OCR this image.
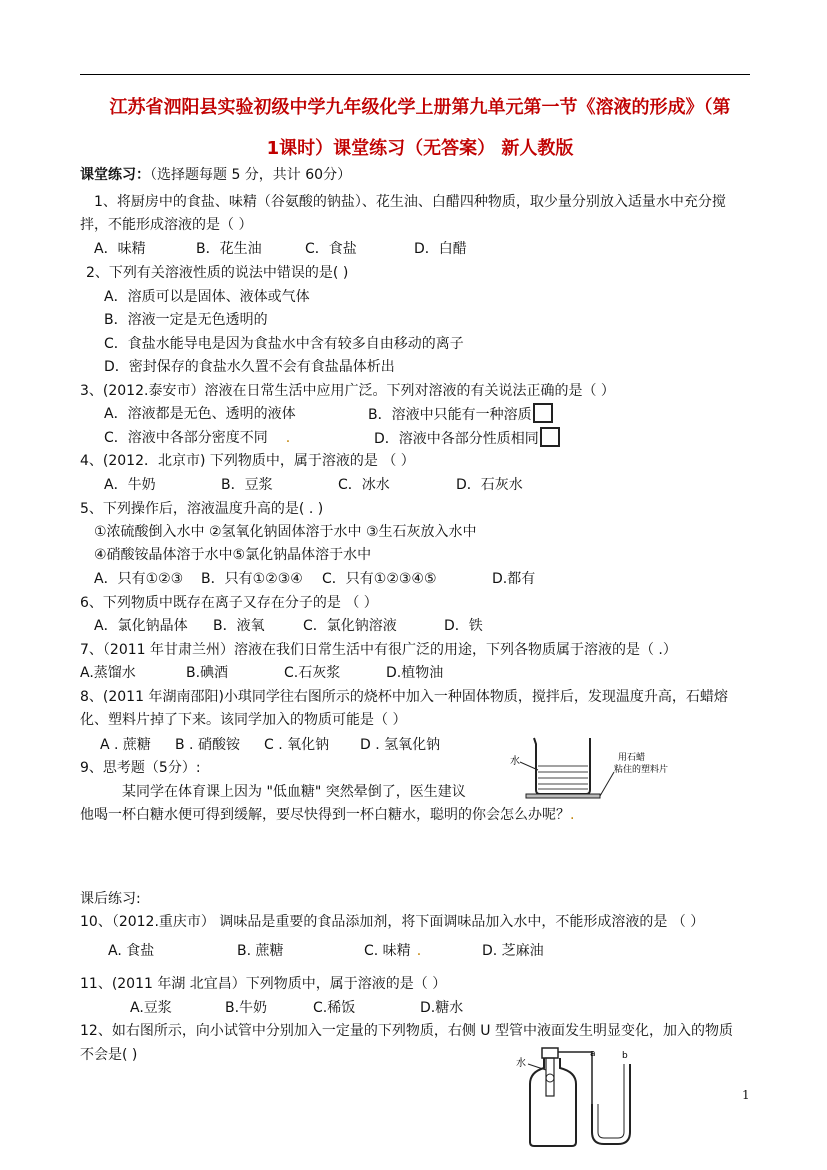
江苏省泗阳县实验初级中学九年级化学上册第九单元第一节《溶液的形成》（第
1课时）课堂练习（无答案） 新人教版
课堂练习：（选择题每题 5 分，共计 60分）
1、将厨房中的食盐、味精（谷氨酸的钠盐）、花生油、白醋四种物质，取少量分别放入适量水中充分搅
拌，不能形成溶液的是（ ）
A．味精	B．花生油	C．食盐	D．白醋
2、下列有关溶液性质的说法中错误的是( )
A．溶质可以是固体、液体或气体
B．溶液一定是无色透明的
C．食盐水能导电是因为食盐水中含有较多自由移动的离子
D．密封保存的食盐水久置不会有食盐晶体析出
3、(2012.泰安市）溶液在日常生活中应用广泛。下列对溶液的有关说法正确的是（ ）
A．溶液都是无色、透明的液体	B．溶液中只能有一种溶质
C．溶液中各部分密度不同 .	D．溶液中各部分性质相同
4、(2012．北京市) 下列物质中，属于溶液的是 （ ）
A．牛奶	B．豆浆	C．冰水	D．石灰水
5、下列操作后，溶液温度升高的是( . )
①浓硫酸倒入水中 ②氢氧化钠固体溶于水中 ③生石灰放入水中
④硝酸铵晶体溶于水中⑤氯化钠晶体溶于水中
A．只有①②③ B．只有①②③④ C．只有①②③④⑤	D.都有
6、下列物质中既存在离子又存在分子的是 （ ）
A．氯化钠晶体 B．液氧	C．氯化钠溶液	D．铁
7、（2011 年甘肃兰州）溶液在我们日常生活中有很广泛的用途，下列各物质属于溶液的是（ .）
A.蒸馏水	B.碘酒	C.石灰浆	D.植物油
8、(2011 年湖南邵阳)小琪同学往右图所示的烧杯中加入一种固体物质，搅拌后，发现温度升高，石蜡熔
化、塑料片掉了下来。该同学加入的物质可能是（ ）
A . 蔗糖 B . 硝酸铵 C . 氧化钠 D . 氢氧化钠
水	用石蜡
粘住的塑料片
9、思考题（5分）:
某同学在体育课上因为 "低血糖" 突然晕倒了，医生建议
他喝一杯白糖水便可得到缓解，要尽快得到一杯白糖水，聪明的你会怎么办呢？.
课后练习:
10、（2012.重庆市） 调味品是重要的食品添加剂，将下面调味品加入水中，不能形成溶液的是 （ ）
A. 食盐	B. 蔗糖	C. 味精 .	D. 芝麻油
11、(2011 年湖 北宜昌）下列物质中，属于溶液的是（ ）
A.豆浆	B.牛奶	C.稀饭	D.糖水
12、如右图所示，向小试管中分别加入一定量的下列物质，右侧 U 型管中液面发生明显变化，加入的物质
不会是( )
水
a	b
1
